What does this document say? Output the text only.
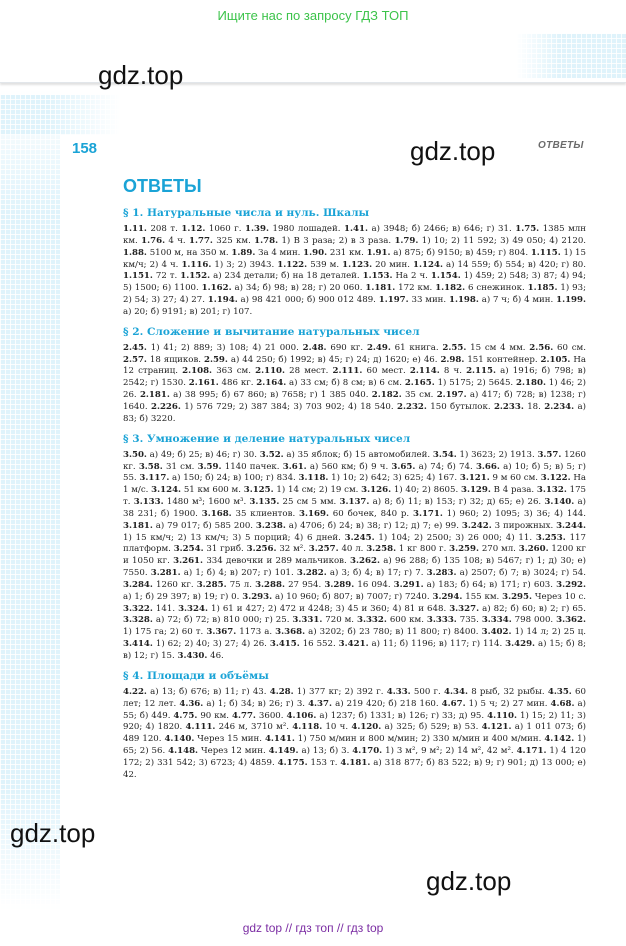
Ищите нас по запросу ГДЗ ТОП
gdz.top
gdz.top
gdz.top
gdz.top
158	ОТВЕТЫ
ОТВЕТЫ
§ 1. Натуральные числа и нуль. Шкалы
1.11. 208 т. 1.12. 1060 г. 1.39. 1980 лошадей. 1.41. а) 3948; б) 2466; в) 646; г) 31. 1.75. 1385 млн км. 1.76. 4 ч. 1.77. 325 км. 1.78. 1) В 3 раза; 2) в 3 раза. 1.79. 1) 10; 2) 11 592; 3) 49 050; 4) 2120. 1.88. 5100 м, на 350 м. 1.89. За 4 мин. 1.90. 231 км. 1.91. а) 875; б) 9150; в) 459; г) 804. 1.115. 1) 15 км/ч; 2) 4 ч. 1.116. 1) 3; 2) 3943. 1.122. 539 м. 1.123. 20 мин. 1.124. а) 14 559; б) 554; в) 420; г) 80. 1.151. 72 т. 1.152. а) 234 детали; б) на 18 деталей. 1.153. На 2 ч. 1.154. 1) 459; 2) 548; 3) 87; 4) 94; 5) 1500; 6) 1100. 1.162. а) 34; б) 98; в) 28; г) 20 060. 1.181. 172 км. 1.182. 6 снежинок. 1.185. 1) 93; 2) 54; 3) 27; 4) 27. 1.194. а) 98 421 000; б) 900 012 489. 1.197. 33 мин. 1.198. а) 7 ч; б) 4 мин. 1.199. а) 20; б) 9191; в) 201; г) 107.
§ 2. Сложение и вычитание натуральных чисел
2.45. 1) 41; 2) 889; 3) 108; 4) 21 000. 2.48. 690 кг. 2.49. 61 книга. 2.55. 15 см 4 мм. 2.56. 60 см. 2.57. 18 ящиков. 2.59. а) 44 250; б) 1992; в) 45; г) 24; д) 1620; е) 46. 2.98. 151 контейнер. 2.105. На 12 страниц. 2.108. 363 см. 2.110. 28 мест. 2.111. 60 мест. 2.114. 8 ч. 2.115. а) 1916; б) 798; в) 2542; г) 1530. 2.161. 486 кг. 2.164. а) 33 см; б) 8 см; в) 6 см. 2.165. 1) 5175; 2) 5645. 2.180. 1) 46; 2) 26. 2.181. а) 38 995; б) 67 860; в) 7658; г) 1 385 040. 2.182. 35 см. 2.197. а) 417; б) 728; в) 1238; г) 1640. 2.226. 1) 576 729; 2) 387 384; 3) 703 902; 4) 18 540. 2.232. 150 бутылок. 2.233. 18. 2.234. а) 83; б) 3220.
§ 3. Умножение и деление натуральных чисел
3.50. а) 49; б) 25; в) 46; г) 30. 3.52. а) 35 яблок; б) 15 автомобилей. 3.54. 1) 3623; 2) 1913. 3.57. 1260 кг. 3.58. 31 см. 3.59. 1140 пачек. 3.61. а) 560 км; б) 9 ч. 3.65. а) 74; б) 74. 3.66. а) 10; б) 5; в) 5; г) 55. 3.117. а) 150; б) 24; в) 100; г) 834. 3.118. 1) 10; 2) 642; 3) 625; 4) 167. 3.121. 9 м 60 см. 3.122. На 1 м/с. 3.124. 51 км 600 м. 3.125. 1) 14 см; 2) 19 см. 3.126. 1) 40; 2) 8605. 3.129. В 4 раза. 3.132. 175 т. 3.133. 1480 м³; 1600 м³. 3.135. 25 см 5 мм. 3.137. а) 8; б) 11; в) 153; г) 32; д) 65; е) 26. 3.140. а) 38 231; б) 1900. 3.168. 35 клиентов. 3.169. 60 бочек, 840 р. 3.171. 1) 960; 2) 1095; 3) 36; 4) 144. 3.181. а) 79 017; б) 585 200. 3.238. а) 4706; б) 24; в) 38; г) 12; д) 7; е) 99. 3.242. 3 пирожных. 3.244. 1) 15 км/ч; 2) 13 км/ч; 3) 5 порций; 4) 6 дней. 3.245. 1) 104; 2) 2500; 3) 26 000; 4) 11. 3.253. 117 платформ. 3.254. 31 гриб. 3.256. 32 м². 3.257. 40 л. 3.258. 1 кг 800 г. 3.259. 270 мл. 3.260. 1200 кг и 1050 кг. 3.261. 334 девочки и 289 мальчиков. 3.262. а) 96 288; б) 135 108; в) 5467; г) 1; д) 30; е) 7550. 3.281. а) 1; б) 4; в) 207; г) 101. 3.282. а) 3; б) 4; в) 17; г) 7. 3.283. а) 2507; б) 7; в) 3024; г) 54. 3.284. 1260 кг. 3.285. 75 л. 3.288. 27 954. 3.289. 16 094. 3.291. а) 183; б) 64; в) 171; г) 603. 3.292. а) 1; б) 29 397; в) 19; г) 0. 3.293. а) 10 960; б) 807; в) 7007; г) 7240. 3.294. 155 км. 3.295. Через 10 с. 3.322. 141. 3.324. 1) 61 и 427; 2) 472 и 4248; 3) 45 и 360; 4) 81 и 648. 3.327. а) 82; б) 60; в) 2; г) 65. 3.328. а) 72; б) 72; в) 810 000; г) 25. 3.331. 720 м. 3.332. 600 км. 3.333. 735. 3.334. 798 000. 3.362. 1) 175 га; 2) 60 т. 3.367. 1173 а. 3.368. а) 3202; б) 23 780; в) 11 800; г) 8400. 3.402. 1) 14 л; 2) 25 ц. 3.414. 1) 62; 2) 40; 3) 27; 4) 26. 3.415. 16 552. 3.421. а) 11; б) 1196; в) 117; г) 114. 3.429. а) 15; б) 8; в) 12; г) 15. 3.430. 46.
§ 4. Площади и объёмы
4.22. а) 13; б) 676; в) 11; г) 43. 4.28. 1) 377 кг; 2) 392 г. 4.33. 500 г. 4.34. 8 рыб, 32 рыбы. 4.35. 60 лет; 12 лет. 4.36. а) 1; б) 34; в) 26; г) 3. 4.37. а) 219 420; б) 218 160. 4.67. 1) 5 ч; 2) 27 мин. 4.68. а) 55; б) 449. 4.75. 90 км. 4.77. 3600. 4.106. а) 1237; б) 1331; в) 126; г) 33; д) 95. 4.110. 1) 15; 2) 11; 3) 920; 4) 1820. 4.111. 246 м, 3710 м². 4.118. 10 ч. 4.120. а) 325; б) 529; в) 53. 4.121. а) 1 011 073; б) 489 120. 4.140. Через 15 мин. 4.141. 1) 750 м/мин и 800 м/мин; 2) 330 м/мин и 400 м/мин. 4.142. 1) 65; 2) 56. 4.148. Через 12 мин. 4.149. а) 13; б) 3. 4.170. 1) 3 м², 9 м²; 2) 14 м², 42 м². 4.171. 1) 4 120 172; 2) 331 542; 3) 6723; 4) 4859. 4.175. 153 т. 4.181. а) 318 877; б) 83 522; в) 9; г) 901; д) 13 000; е) 42.
gdz top // гдз топ // гдз top
